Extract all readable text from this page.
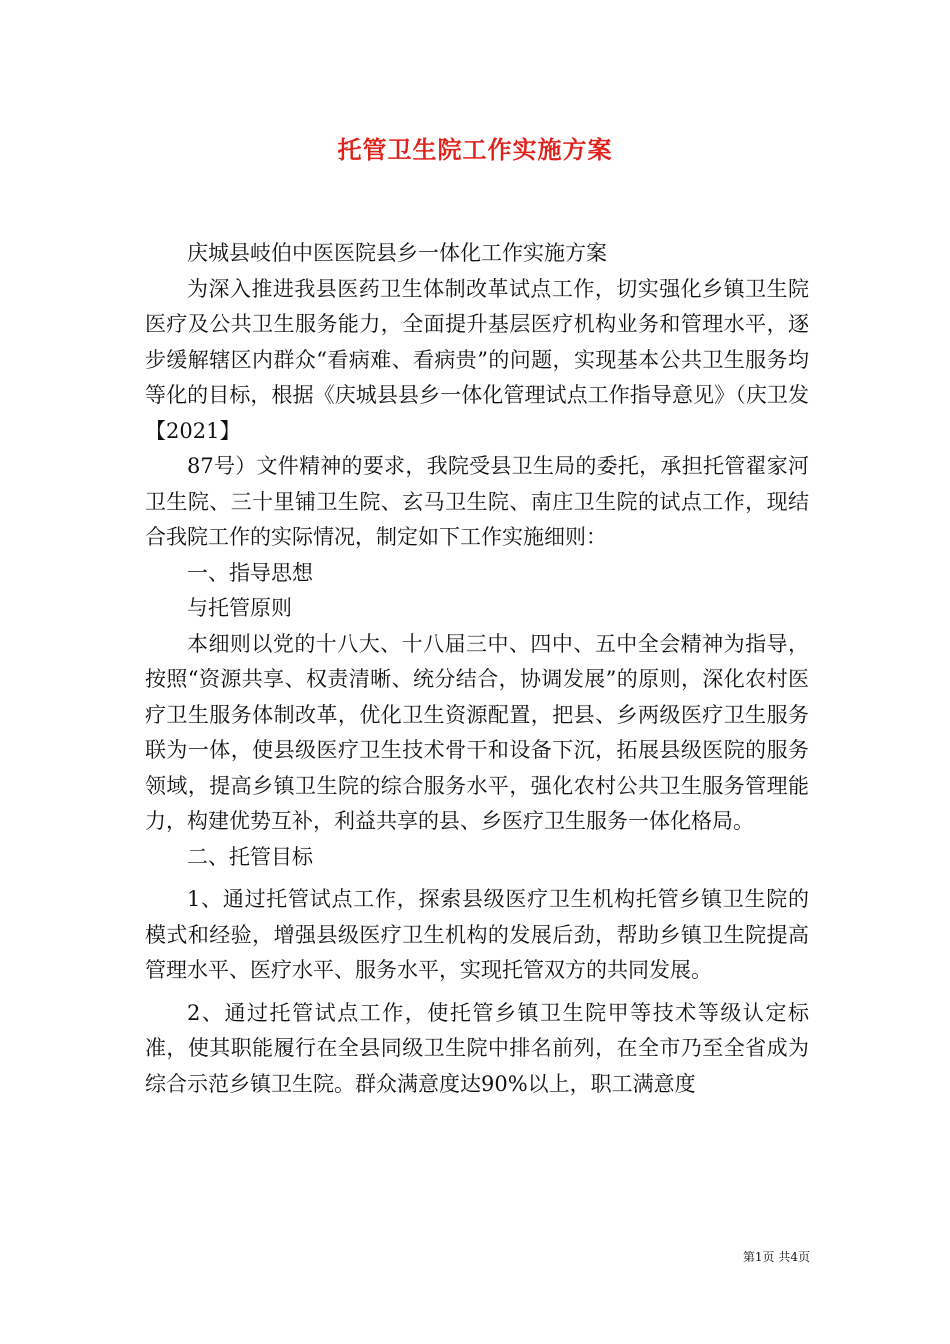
托管卫生院工作实施方案

庆城县岐伯中医医院县乡一体化工作实施方案

为深入推进我县医药卫生体制改革试点工作，切实强化乡镇卫生院医疗及公共卫生服务能力，全面提升基层医疗机构业务和管理水平，逐步缓解辖区内群众“看病难、看病贵”的问题，实现基本公共卫生服务均等化的目标，根据《庆城县县乡一体化管理试点工作指导意见》（庆卫发【2021】

87号）文件精神的要求，我院受县卫生局的委托，承担托管翟家河卫生院、三十里铺卫生院、玄马卫生院、南庄卫生院的试点工作，现结合我院工作的实际情况，制定如下工作实施细则：

一、指导思想

与托管原则

本细则以党的十八大、十八届三中、四中、五中全会精神为指导，按照“资源共享、权责清晰、统分结合，协调发展”的原则，深化农村医疗卫生服务体制改革，优化卫生资源配置，把县、乡两级医疗卫生服务联为一体，使县级医疗卫生技术骨干和设备下沉，拓展县级医院的服务领域，提高乡镇卫生院的综合服务水平，强化农村公共卫生服务管理能力，构建优势互补，利益共享的县、乡医疗卫生服务一体化格局。

二、托管目标

1、通过托管试点工作，探索县级医疗卫生机构托管乡镇卫生院的模式和经验，增强县级医疗卫生机构的发展后劲，帮助乡镇卫生院提高管理水平、医疗水平、服务水平，实现托管双方的共同发展。

2、通过托管试点工作，使托管乡镇卫生院甲等技术等级认定标准，使其职能履行在全县同级卫生院中排名前列，在全市乃至全省成为综合示范乡镇卫生院。群众满意度达90%以上，职工满意度

第1页 共4页
